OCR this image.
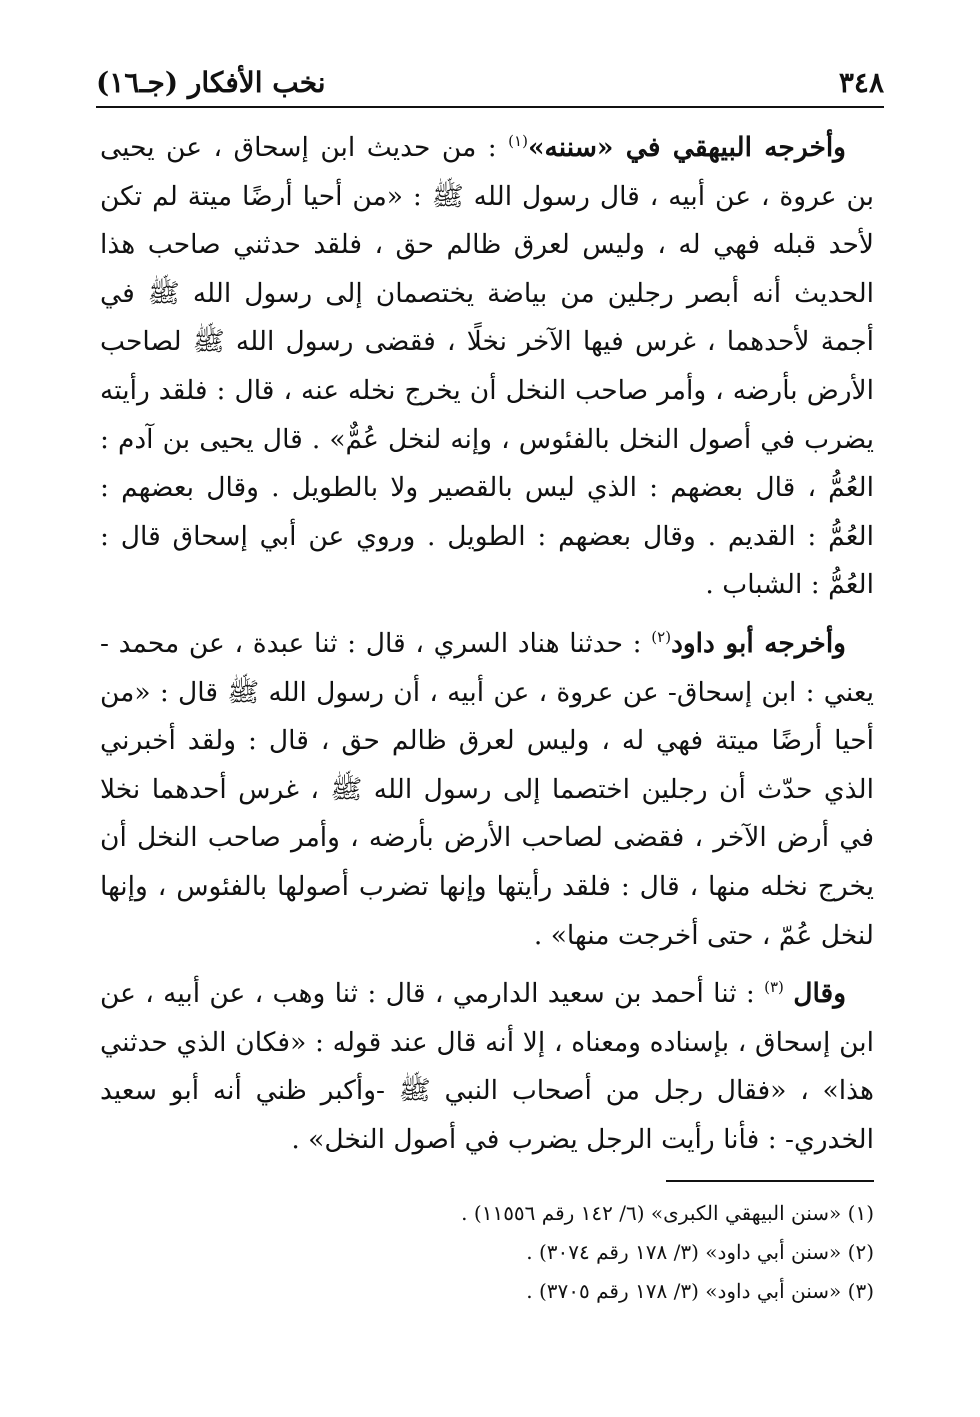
٣٤٨
نخب الأفكار (جـ١٦)

وأخرجه البيهقي في «سننه»$^{(١)}$ : من حديث ابن إسحاق ، عن يحيى بن عروة ، عن أبيه ، قال رسول الله ﷺ : «من أحيا أرضًا ميتة لم تكن لأحد قبله فهي له ، وليس لعرق ظالم حق ، فلقد حدثني صاحب هذا الحديث أنه أبصر رجلين من بياضة يختصمان إلى رسول الله ﷺ في أجمة لأحدهما ، غرس فيها الآخر نخلًا ، فقضى رسول الله ﷺ لصاحب الأرض بأرضه ، وأمر صاحب النخل أن يخرج نخله عنه ، قال : فلقد رأيته يضرب في أصول النخل بالفئوس ، وإنه لنخل عُمٌّ» . قال يحيى بن آدم : العُمُّ ، قال بعضهم : الذي ليس بالقصير ولا بالطويل . وقال بعضهم : العُمُّ : القديم . وقال بعضهم : الطويل . وروي عن أبي إسحاق قال : العُمُّ : الشباب .

وأخرجه أبو داود$^{(٢)}$ : حدثنا هناد السري ، قال : ثنا عبدة ، عن محمد - يعني : ابن إسحاق- عن عروة ، عن أبيه ، أن رسول الله ﷺ قال : «من أحيا أرضًا ميتة فهي له ، وليس لعرق ظالم حق ، قال : ولقد أخبرني الذي حدّث أن رجلين اختصما إلى رسول الله ﷺ ، غرس أحدهما نخلا في أرض الآخر ، فقضى لصاحب الأرض بأرضه ، وأمر صاحب النخل أن يخرج نخله منها ، قال : فلقد رأيتها وإنها تضرب أصولها بالفئوس ، وإنها لنخل عُمّ ، حتى أخرجت منها» .

وقال $^{(٣)}$ : ثنا أحمد بن سعيد الدارمي ، قال : ثنا وهب ، عن أبيه ، عن ابن إسحاق ، بإسناده ومعناه ، إلا أنه قال عند قوله : «فكان الذي حدثني هذا» ، «فقال رجل من أصحاب النبي ﷺ -وأكبر ظني أنه أبو سعيد الخدري- : فأنا رأيت الرجل يضرب في أصول النخل» .

(١) «سنن البيهقي الكبرى» (٦/ ١٤٢ رقم ١١٥٥٦) .

(٢) «سنن أبي داود» (٣/ ١٧٨ رقم ٣٠٧٤) .

(٣) «سنن أبي داود» (٣/ ١٧٨ رقم ٣٧٠٥) .
